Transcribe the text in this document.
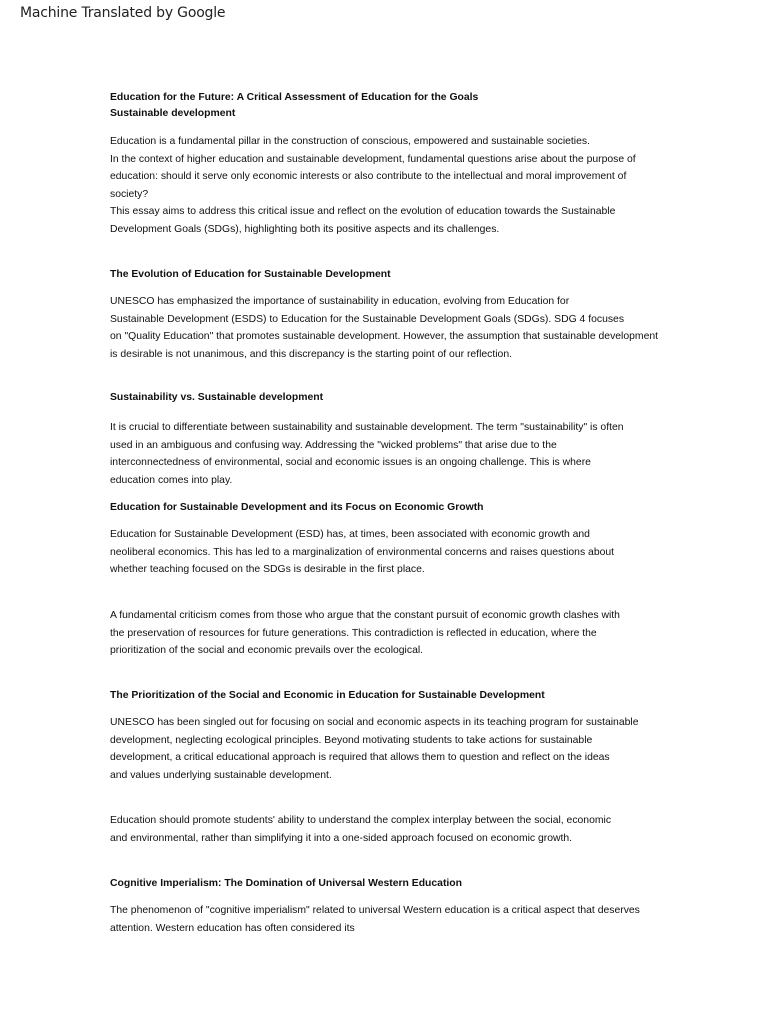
Machine Translated by Google
Education for the Future: A Critical Assessment of Education for the Goals
Sustainable development
Education is a fundamental pillar in the construction of conscious, empowered and sustainable societies.
In the context of higher education and sustainable development, fundamental questions arise about the purpose of
education: should it serve only economic interests or also contribute to the intellectual and moral improvement of
society?
This essay aims to address this critical issue and reflect on the evolution of education towards the Sustainable
Development Goals (SDGs), highlighting both its positive aspects and its challenges.
The Evolution of Education for Sustainable Development
UNESCO has emphasized the importance of sustainability in education, evolving from Education for
Sustainable Development (ESDS) to Education for the Sustainable Development Goals (SDGs). SDG 4 focuses
on "Quality Education" that promotes sustainable development. However, the assumption that sustainable development
is desirable is not unanimous, and this discrepancy is the starting point of our reflection.
Sustainability vs. Sustainable development
It is crucial to differentiate between sustainability and sustainable development. The term "sustainability" is often
used in an ambiguous and confusing way. Addressing the "wicked problems" that arise due to the
interconnectedness of environmental, social and economic issues is an ongoing challenge. This is where
education comes into play.
Education for Sustainable Development and its Focus on Economic Growth
Education for Sustainable Development (ESD) has, at times, been associated with economic growth and
neoliberal economics. This has led to a marginalization of environmental concerns and raises questions about
whether teaching focused on the SDGs is desirable in the first place.
A fundamental criticism comes from those who argue that the constant pursuit of economic growth clashes with
the preservation of resources for future generations. This contradiction is reflected in education, where the
prioritization of the social and economic prevails over the ecological.
The Prioritization of the Social and Economic in Education for Sustainable Development
UNESCO has been singled out for focusing on social and economic aspects in its teaching program for sustainable
development, neglecting ecological principles. Beyond motivating students to take actions for sustainable
development, a critical educational approach is required that allows them to question and reflect on the ideas
and values underlying sustainable development.
Education should promote students' ability to understand the complex interplay between the social, economic
and environmental, rather than simplifying it into a one-sided approach focused on economic growth.
Cognitive Imperialism: The Domination of Universal Western Education
The phenomenon of "cognitive imperialism" related to universal Western education is a critical aspect that deserves
attention. Western education has often considered its
